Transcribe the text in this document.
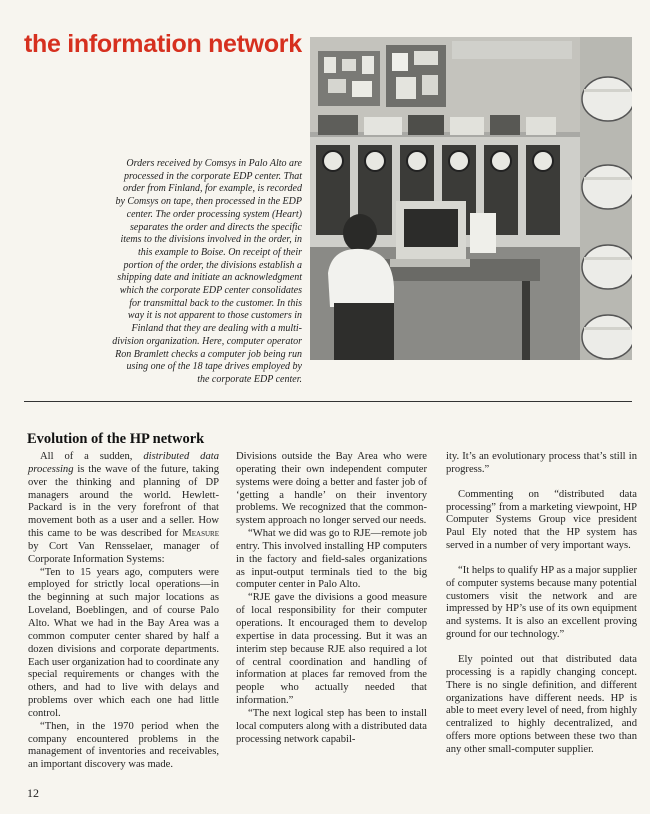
the information network
Orders received by Comsys in Palo Alto are processed in the corporate EDP center. That order from Finland, for example, is recorded by Comsys on tape, then processed in the EDP center. The order processing system (Heart) separates the order and directs the specific items to the divisions involved in the order, in this example to Boise. On receipt of their portion of the order, the divisions establish a shipping date and initiate an acknowledgment which the corporate EDP center consolidates for transmittal back to the customer. In this way it is not apparent to those customers in Finland that they are dealing with a multi-division organization. Here, computer operator Ron Bramlett checks a computer job being run using one of the 18 tape drives employed by the corporate EDP center.
Evolution of the HP network

All of a sudden, distributed data processing is the wave of the future, taking over the thinking and planning of DP managers around the world. Hewlett-Packard is in the very forefront of that movement both as a user and a seller. How this came to be was described for Measure by Cort Van Rensselaer, manager of Corporate Information Systems:

“Ten to 15 years ago, computers were employed for strictly local operations—in the beginning at such major locations as Loveland, Boeblingen, and of course Palo Alto. What we had in the Bay Area was a common computer center shared by half a dozen divisions and corporate departments. Each user organization had to coordinate any special requirements or changes with the others, and had to live with delays and problems over which each one had little control.

“Then, in the 1970 period when the company encountered problems in the management of inventories and receivables, an important discovery was made.

Divisions outside the Bay Area who were operating their own independent computer systems were doing a better and faster job of ‘getting a handle’ on their inventory problems. We recognized that the common-system approach no longer served our needs.

“What we did was go to RJE—remote job entry. This involved installing HP computers in the factory and field-sales organizations as input-output terminals tied to the big computer center in Palo Alto.

“RJE gave the divisions a good measure of local responsibility for their computer operations. It encouraged them to develop expertise in data processing. But it was an interim step because RJE also required a lot of central coordination and handling of information at places far removed from the people who actually needed that information.”

“The next logical step has been to install local computers along with a distributed data processing network capabil-

ity. It’s an evolutionary process that’s still in progress.”

Commenting on “distributed data processing” from a marketing viewpoint, HP Computer Systems Group vice president Paul Ely noted that the HP system has served in a number of very important ways.

“It helps to qualify HP as a major supplier of computer systems because many potential customers visit the network and are impressed by HP’s use of its own equipment and systems. It is also an excellent proving ground for our technology.”

Ely pointed out that distributed data processing is a rapidly changing concept. There is no single definition, and different organizations have different needs. HP is able to meet every level of need, from highly centralized to highly decentralized, and offers more options between these two than any other small-computer supplier.

12
